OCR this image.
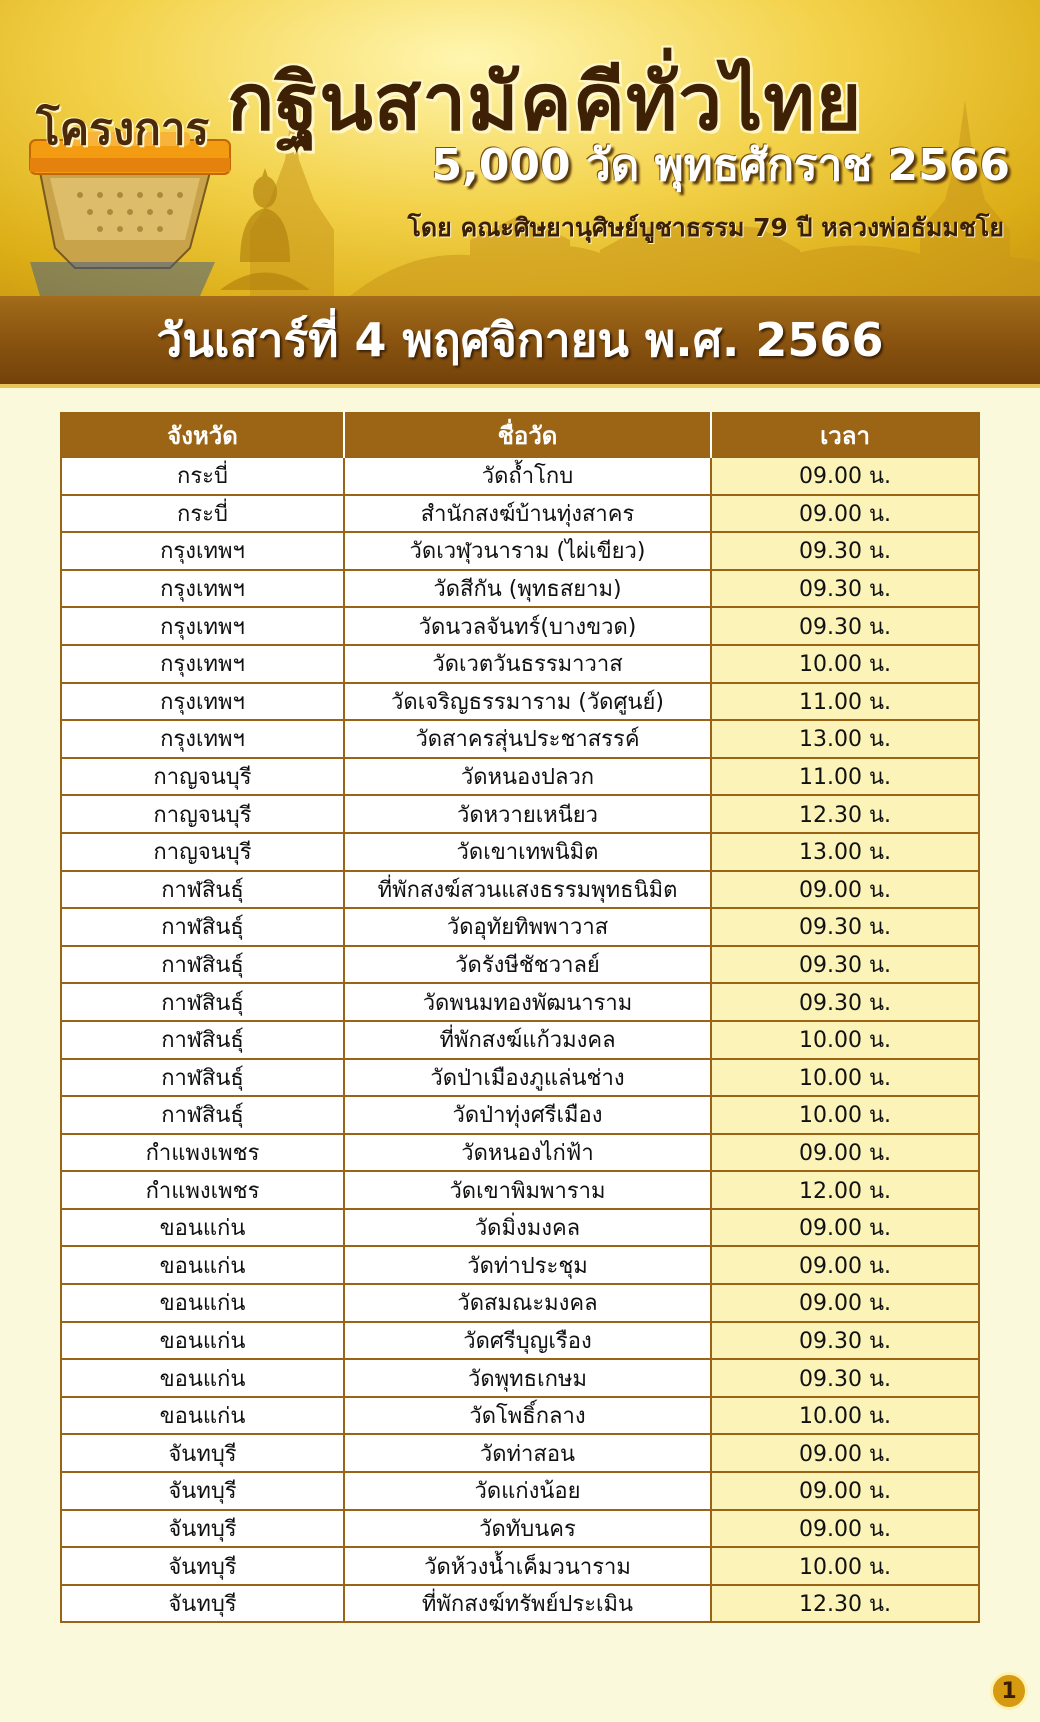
โครงการ กฐินสามัคคีทั่วไทย
5,000 วัด พุทธศักราช 2566
โดย คณะศิษยานุศิษย์บูชาธรรม 79 ปี หลวงพ่อธัมมชโย
วันเสาร์ที่ 4 พฤศจิกายน พ.ศ. 2566
จังหวัด	ชื่อวัด	เวลา
กระบี่	วัดถ้ำโกบ	09.00 น.
กระบี่	สำนักสงฆ์บ้านทุ่งสาคร	09.00 น.
กรุงเทพฯ	วัดเวฬุวนาราม (ไผ่เขียว)	09.30 น.
กรุงเทพฯ	วัดสีกัน (พุทธสยาม)	09.30 น.
กรุงเทพฯ	วัดนวลจันทร์(บางขวด)	09.30 น.
กรุงเทพฯ	วัดเวตวันธรรมาวาส	10.00 น.
กรุงเทพฯ	วัดเจริญธรรมาราม (วัดศูนย์)	11.00 น.
กรุงเทพฯ	วัดสาครสุ่นประชาสรรค์	13.00 น.
กาญจนบุรี	วัดหนองปลวก	11.00 น.
กาญจนบุรี	วัดหวายเหนียว	12.30 น.
กาญจนบุรี	วัดเขาเทพนิมิต	13.00 น.
กาฬสินธุ์	ที่พักสงฆ์สวนแสงธรรมพุทธนิมิต	09.00 น.
กาฬสินธุ์	วัดอุทัยทิพพาวาส	09.30 น.
กาฬสินธุ์	วัดรังษีชัชวาลย์	09.30 น.
กาฬสินธุ์	วัดพนมทองพัฒนาราม	09.30 น.
กาฬสินธุ์	ที่พักสงฆ์แก้วมงคล	10.00 น.
กาฬสินธุ์	วัดป่าเมืองภูแล่นช่าง	10.00 น.
กาฬสินธุ์	วัดป่าทุ่งศรีเมือง	10.00 น.
กำแพงเพชร	วัดหนองไก่ฟ้า	09.00 น.
กำแพงเพชร	วัดเขาพิมพาราม	12.00 น.
ขอนแก่น	วัดมิ่งมงคล	09.00 น.
ขอนแก่น	วัดท่าประชุม	09.00 น.
ขอนแก่น	วัดสมณะมงคล	09.00 น.
ขอนแก่น	วัดศรีบุญเรือง	09.30 น.
ขอนแก่น	วัดพุทธเกษม	09.30 น.
ขอนแก่น	วัดโพธิ์กลาง	10.00 น.
จันทบุรี	วัดท่าสอน	09.00 น.
จันทบุรี	วัดแก่งน้อย	09.00 น.
จันทบุรี	วัดทับนคร	09.00 น.
จันทบุรี	วัดห้วงน้ำเค็มวนาราม	10.00 น.
จันทบุรี	ที่พักสงฆ์ทรัพย์ประเมิน	12.30 น.
1
